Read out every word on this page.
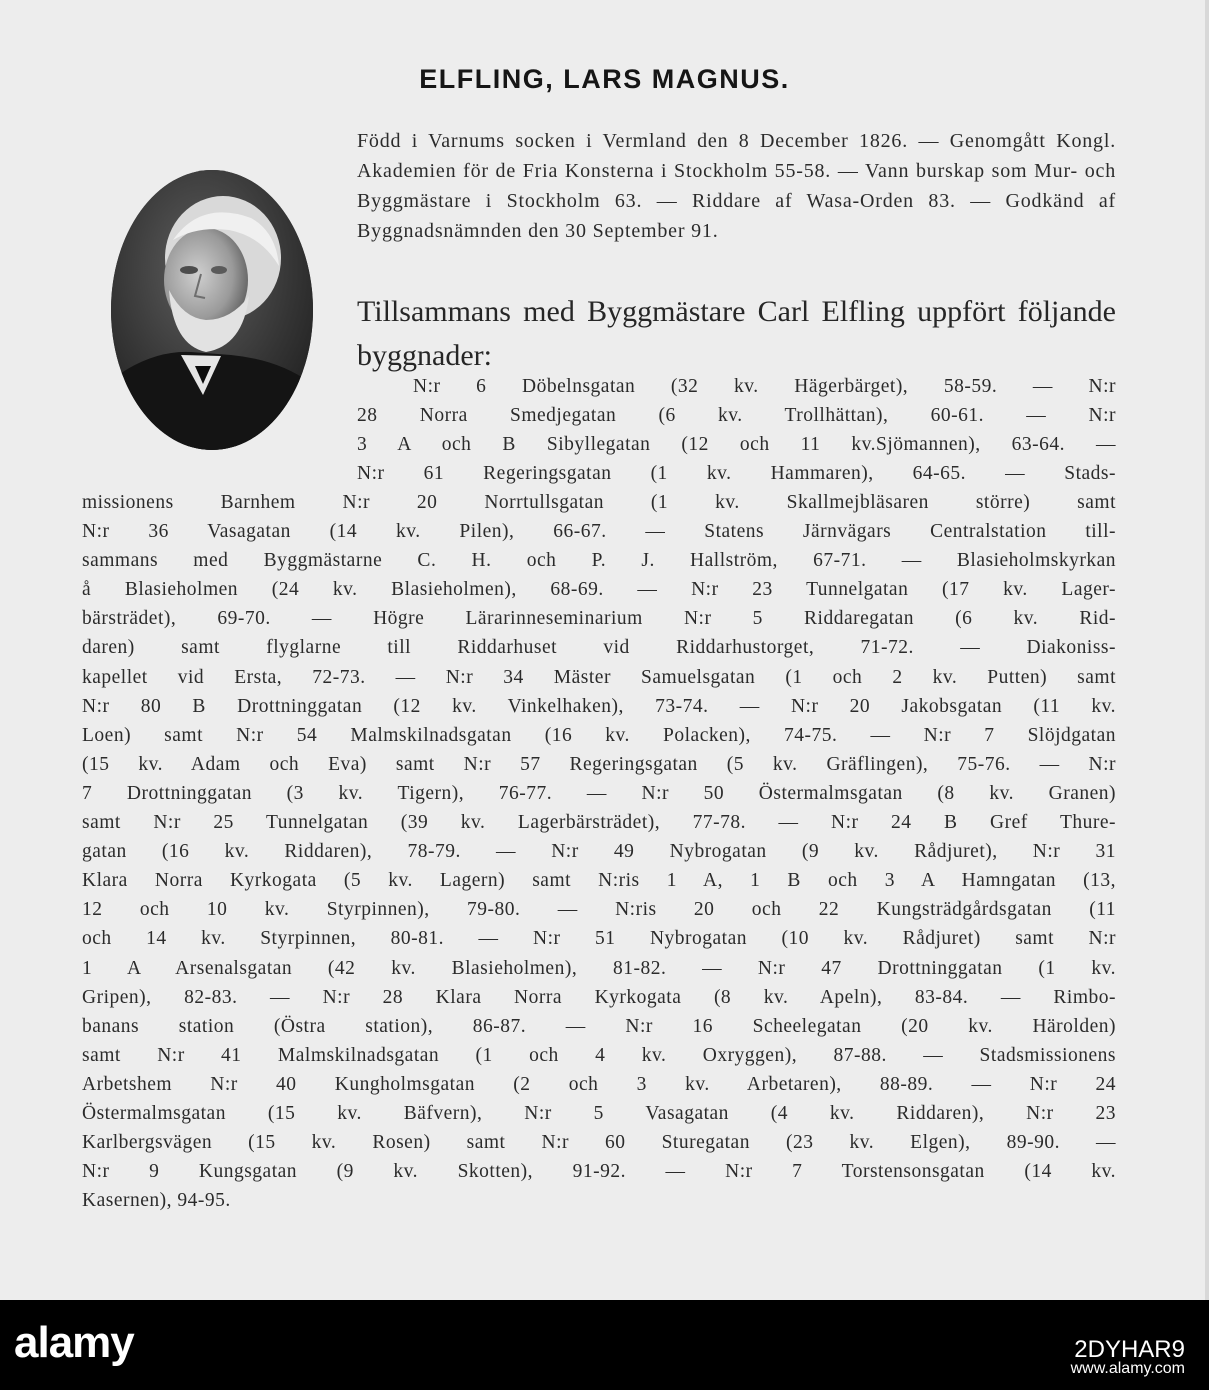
ELFLING, LARS MAGNUS.
Född i Varnums socken i Vermland den 8 December 1826. — Genomgått Kongl. Akademien för de Fria Konsterna i Stockholm 55-58. — Vann burskap som Mur- och Byggmästare i Stockholm 63. — Riddare af Wasa-Orden 83. — Godkänd af Byggnadsnämnden den 30 September 91.
Tillsammans med Byggmästare Carl Elfling uppfört följande byggnader:
N:r 6 Döbelnsgatan (32 kv. Hägerbärget), 58-59. — N:r
28 Norra Smedjegatan (6 kv. Trollhättan), 60-61. — N:r
3 A och B Sibyllegatan (12 och 11 kv.Sjömannen), 63-64. —
N:r 61 Regeringsgatan (1 kv. Hammaren), 64-65. — Stads-
missionens Barnhem N:r 20 Norrtullsgatan (1 kv. Skallmejbläsaren större) samt
N:r 36 Vasagatan (14 kv. Pilen), 66-67. — Statens Järnvägars Centralstation till-
sammans med Byggmästarne C. H. och P. J. Hallström, 67-71. — Blasieholmskyrkan
å Blasieholmen (24 kv. Blasieholmen), 68-69. — N:r 23 Tunnelgatan (17 kv. Lager-
bärsträdet), 69-70. — Högre Lärarinneseminarium N:r 5 Riddaregatan (6 kv. Rid-
daren) samt flyglarne till Riddarhuset vid Riddarhustorget, 71-72. — Diakoniss-
kapellet vid Ersta, 72-73. — N:r 34 Mäster Samuelsgatan (1 och 2 kv. Putten) samt
N:r 80 B Drottninggatan (12 kv. Vinkelhaken), 73-74. — N:r 20 Jakobsgatan (11 kv.
Loen) samt N:r 54 Malmskilnadsgatan (16 kv. Polacken), 74-75. — N:r 7 Slöjdgatan
(15 kv. Adam och Eva) samt N:r 57 Regeringsgatan (5 kv. Gräflingen), 75-76. — N:r
7 Drottninggatan (3 kv. Tigern), 76-77. — N:r 50 Östermalmsgatan (8 kv. Granen)
samt N:r 25 Tunnelgatan (39 kv. Lagerbärsträdet), 77-78. — N:r 24 B Gref Thure-
gatan (16 kv. Riddaren), 78-79. — N:r 49 Nybrogatan (9 kv. Rådjuret), N:r 31
Klara Norra Kyrkogata (5 kv. Lagern) samt N:ris 1 A, 1 B och 3 A Hamngatan (13,
12 och 10 kv. Styrpinnen), 79-80. — N:ris 20 och 22 Kungsträdgårdsgatan (11
och 14 kv. Styrpinnen, 80-81. — N:r 51 Nybrogatan (10 kv. Rådjuret) samt N:r
1 A Arsenalsgatan (42 kv. Blasieholmen), 81-82. — N:r 47 Drottninggatan (1 kv.
Gripen), 82-83. — N:r 28 Klara Norra Kyrkogata (8 kv. Apeln), 83-84. — Rimbo-
banans station (Östra station), 86-87. — N:r 16 Scheelegatan (20 kv. Härolden)
samt N:r 41 Malmskilnadsgatan (1 och 4 kv. Oxryggen), 87-88. — Stadsmissionens
Arbetshem N:r 40 Kungholmsgatan (2 och 3 kv. Arbetaren), 88-89. — N:r 24
Östermalmsgatan (15 kv. Bäfvern), N:r 5 Vasagatan (4 kv. Riddaren), N:r 23
Karlbergsvägen (15 kv. Rosen) samt N:r 60 Sturegatan (23 kv. Elgen), 89-90. —
N:r 9 Kungsgatan (9 kv. Skotten), 91-92. — N:r 7 Torstensonsgatan (14 kv.
Kasernen), 94-95.
alamy	2DYHAR9
www.alamy.com
